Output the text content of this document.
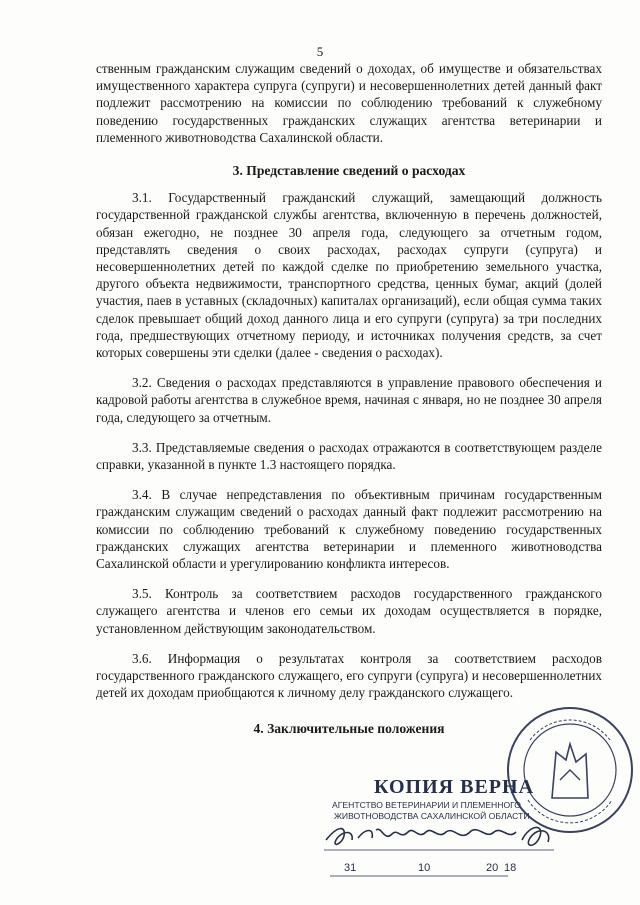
5

ственным гражданским служащим сведений о доходах, об имуществе и обязательствах имущественного характера супруга (супруги) и несовершеннолетних детей данный факт подлежит рассмотрению на комиссии по соблюдению требований к служебному поведению государственных гражданских служащих агентства ветеринарии и племенного животноводства Сахалинской области.

3. Представление сведений о расходах

3.1. Государственный гражданский служащий, замещающий должность государственной гражданской службы агентства, включенную в перечень должностей, обязан ежегодно, не позднее 30 апреля года, следующего за отчетным годом, представлять сведения о своих расходах, расходах супруги (супруга) и несовершеннолетних детей по каждой сделке по приобретению земельного участка, другого объекта недвижимости, транспортного средства, ценных бумаг, акций (долей участия, паев в уставных (складочных) капиталах организаций), если общая сумма таких сделок превышает общий доход данного лица и его супруги (супруга) за три последних года, предшествующих отчетному периоду, и источниках получения средств, за счет которых совершены эти сделки (далее - сведения о расходах).

3.2. Сведения о расходах представляются в управление правового обеспечения и кадровой работы агентства в служебное время, начиная с января, но не позднее 30 апреля года, следующего за отчетным.

3.3. Представляемые сведения о расходах отражаются в соответствующем разделе справки, указанной в пункте 1.3 настоящего порядка.

3.4. В случае непредставления по объективным причинам государственным гражданским служащим сведений о расходах данный факт подлежит рассмотрению на комиссии по соблюдению требований к служебному поведению государственных гражданских служащих агентства ветеринарии и племенного животноводства Сахалинской области и урегулированию конфликта интересов.

3.5. Контроль за соответствием расходов государственного гражданского служащего агентства и членов его семьи их доходам осуществляется в порядке, установленном действующим законодательством.

3.6. Информация о результатах контроля за соответствием расходов государственного гражданского служащего, его супруги (супруга) и несовершеннолетних детей их доходам приобщаются к личному делу гражданского служащего.

4. Заключительные положения
КОПИЯ ВЕРНА
АГЕНТСТВО ВЕТЕРИНАРИИ И ПЛЕМЕННОГО
ЖИВОТНОВОДСТВА САХАЛИНСКОЙ ОБЛАСТИ
31	10	20 18
